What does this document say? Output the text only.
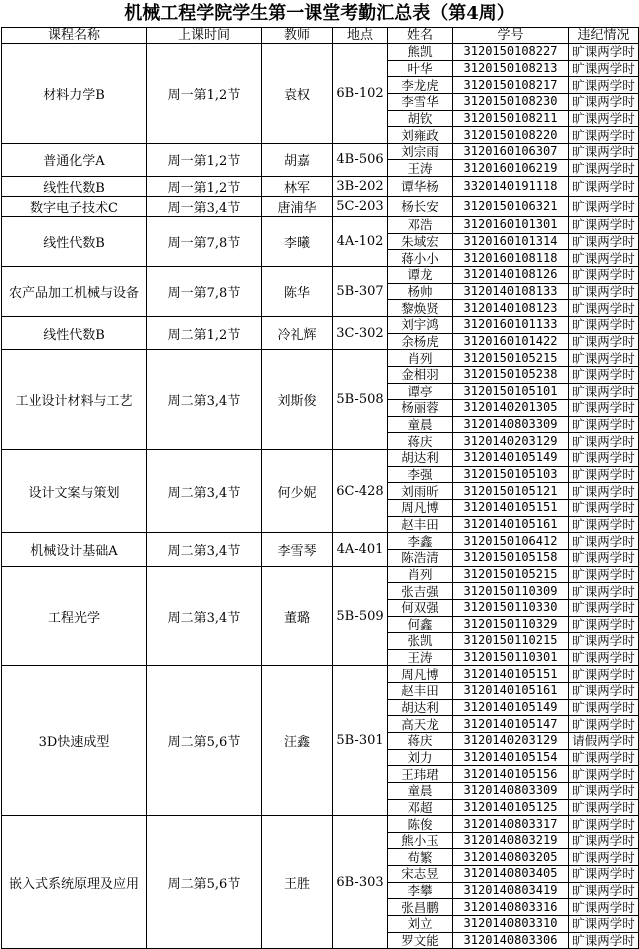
机械工程学院学生第一课堂考勤汇总表（第4周）
课程名称	上课时间	教师	地点	姓名	学号	违纪情况
材料力学B	周一第1,2节	袁权	6B-102	熊凯	3120150108227	旷课两学时
				叶华	3120150108213	旷课两学时
				李龙虎	3120150108217	旷课两学时
				李雪华	3120150108230	旷课两学时
				胡钦	3120150108211	旷课两学时
				刘雍政	3120150108220	旷课两学时
普通化学A	周一第1,2节	胡嘉	4B-506	刘宗雨	3120160106307	旷课两学时
				王涛	3120160106219	旷课两学时
线性代数B	周一第1,2节	林军	3B-202	谭华杨	3320140191118	旷课两学时
数字电子技术C	周一第3,4节	唐浦华	5C-203	杨长安	3120150106321	旷课两学时
线性代数B	周一第7,8节	李曦	4A-102	邓浩	3120160101301	旷课两学时
				朱域宏	3120160101314	旷课两学时
				蒋小小	3120160108118	旷课两学时
农产品加工机械与设备	周一第7,8节	陈华	5B-307	谭龙	3120140108126	旷课两学时
				杨帅	3120140108133	旷课两学时
				黎焕贤	3120140108123	旷课两学时
线性代数B	周二第1,2节	冷礼辉	3C-302	刘宇鸿	3120160101133	旷课两学时
				余杨虎	3120160101422	旷课两学时
工业设计材料与工艺	周二第3,4节	刘斯俊	5B-508	肖列	3120150105215	旷课两学时
				金相羽	3120150105238	旷课两学时
				谭亭	3120150105101	旷课两学时
				杨丽蓉	3120140201305	旷课两学时
				童晨	3120140803309	旷课两学时
				蒋庆	3120140203129	旷课两学时
设计文案与策划	周二第3,4节	何少妮	6C-428	胡达利	3120140105149	旷课两学时
				李强	3120150105103	旷课两学时
				刘雨昕	3120150105121	旷课两学时
				周凡博	3120140105151	旷课两学时
				赵丰田	3120140105161	旷课两学时
机械设计基础A	周二第3,4节	李雪琴	4A-401	李鑫	3120150106412	旷课两学时
				陈浩清	3120150105158	旷课两学时
工程光学	周二第3,4节	董璐	5B-509	肖列	3120150105215	旷课两学时
				张吉强	3120150110309	旷课两学时
				何双强	3120150110330	旷课两学时
				何鑫	3120150110329	旷课两学时
				张凯	3120150110215	旷课两学时
				王涛	3120150110301	旷课两学时
3D快速成型	周二第5,6节	汪鑫	5B-301	周凡博	3120140105151	旷课两学时
				赵丰田	3120140105161	旷课两学时
				胡达利	3120140105149	旷课两学时
				高天龙	3120140105147	旷课两学时
				蒋庆	3120140203129	请假两学时
				刘力	3120140105154	旷课两学时
				王玮珺	3120140105156	旷课两学时
				童晨	3120140803309	旷课两学时
				邓超	3120140105125	旷课两学时
嵌入式系统原理及应用	周二第5,6节	王胜	6B-303	陈俊	3120140803317	旷课两学时
				熊小玉	3120140803219	旷课两学时
				苟繁	3120140803205	旷课两学时
				宋志昱	3120140803405	旷课两学时
				李攀	3120140803419	旷课两学时
				张昌鹏	3120140803316	旷课两学时
				刘立	3120140803310	旷课两学时
				罗文能	3120140803306	旷课两学时
